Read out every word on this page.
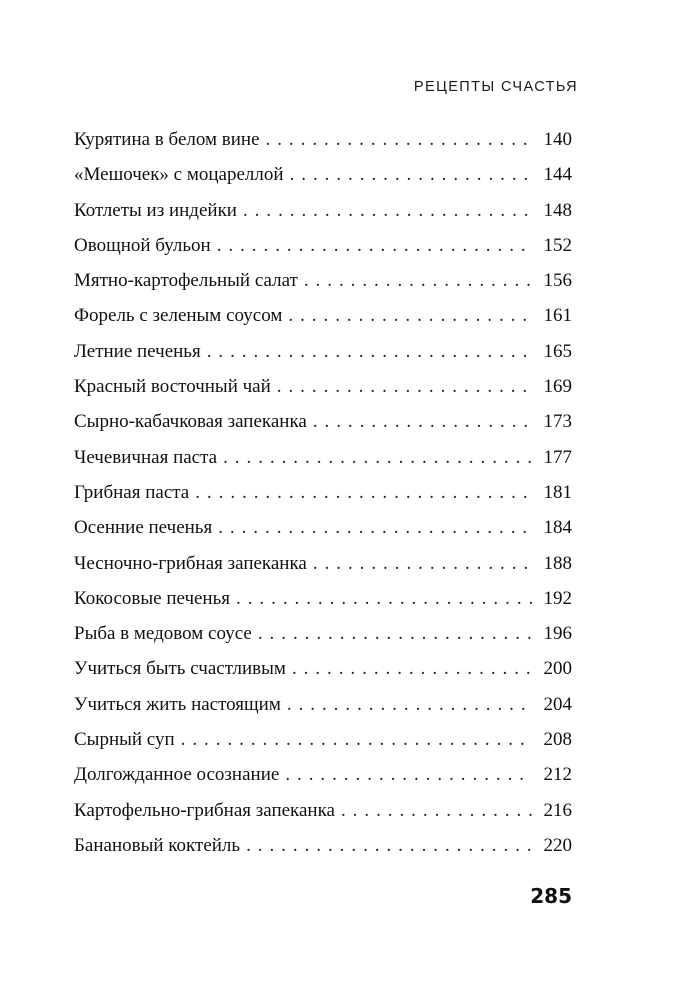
РЕЦЕПТЫ СЧАСТЬЯ
Курятина в белом вине . . .	140
«Мешочек» с моцареллой . . .	144
Котлеты из индейки . . .	148
Овощной бульон . . .	152
Мятно-картофельный салат . . .	156
Форель с зеленым соусом . . .	161
Летние печенья . . .	165
Красный восточный чай . . .	169
Сырно-кабачковая запеканка . . .	173
Чечевичная паста . . .	177
Грибная паста . . .	181
Осенние печенья . . .	184
Чесночно-грибная запеканка . . .	188
Кокосовые печенья . . .	192
Рыба в медовом соусе . . .	196
Учиться быть счастливым . . .	200
Учиться жить настоящим . . .	204
Сырный суп . . .	208
Долгожданное осознание . . .	212
Картофельно-грибная запеканка . . .	216
Банановый коктейль . . .	220
285
